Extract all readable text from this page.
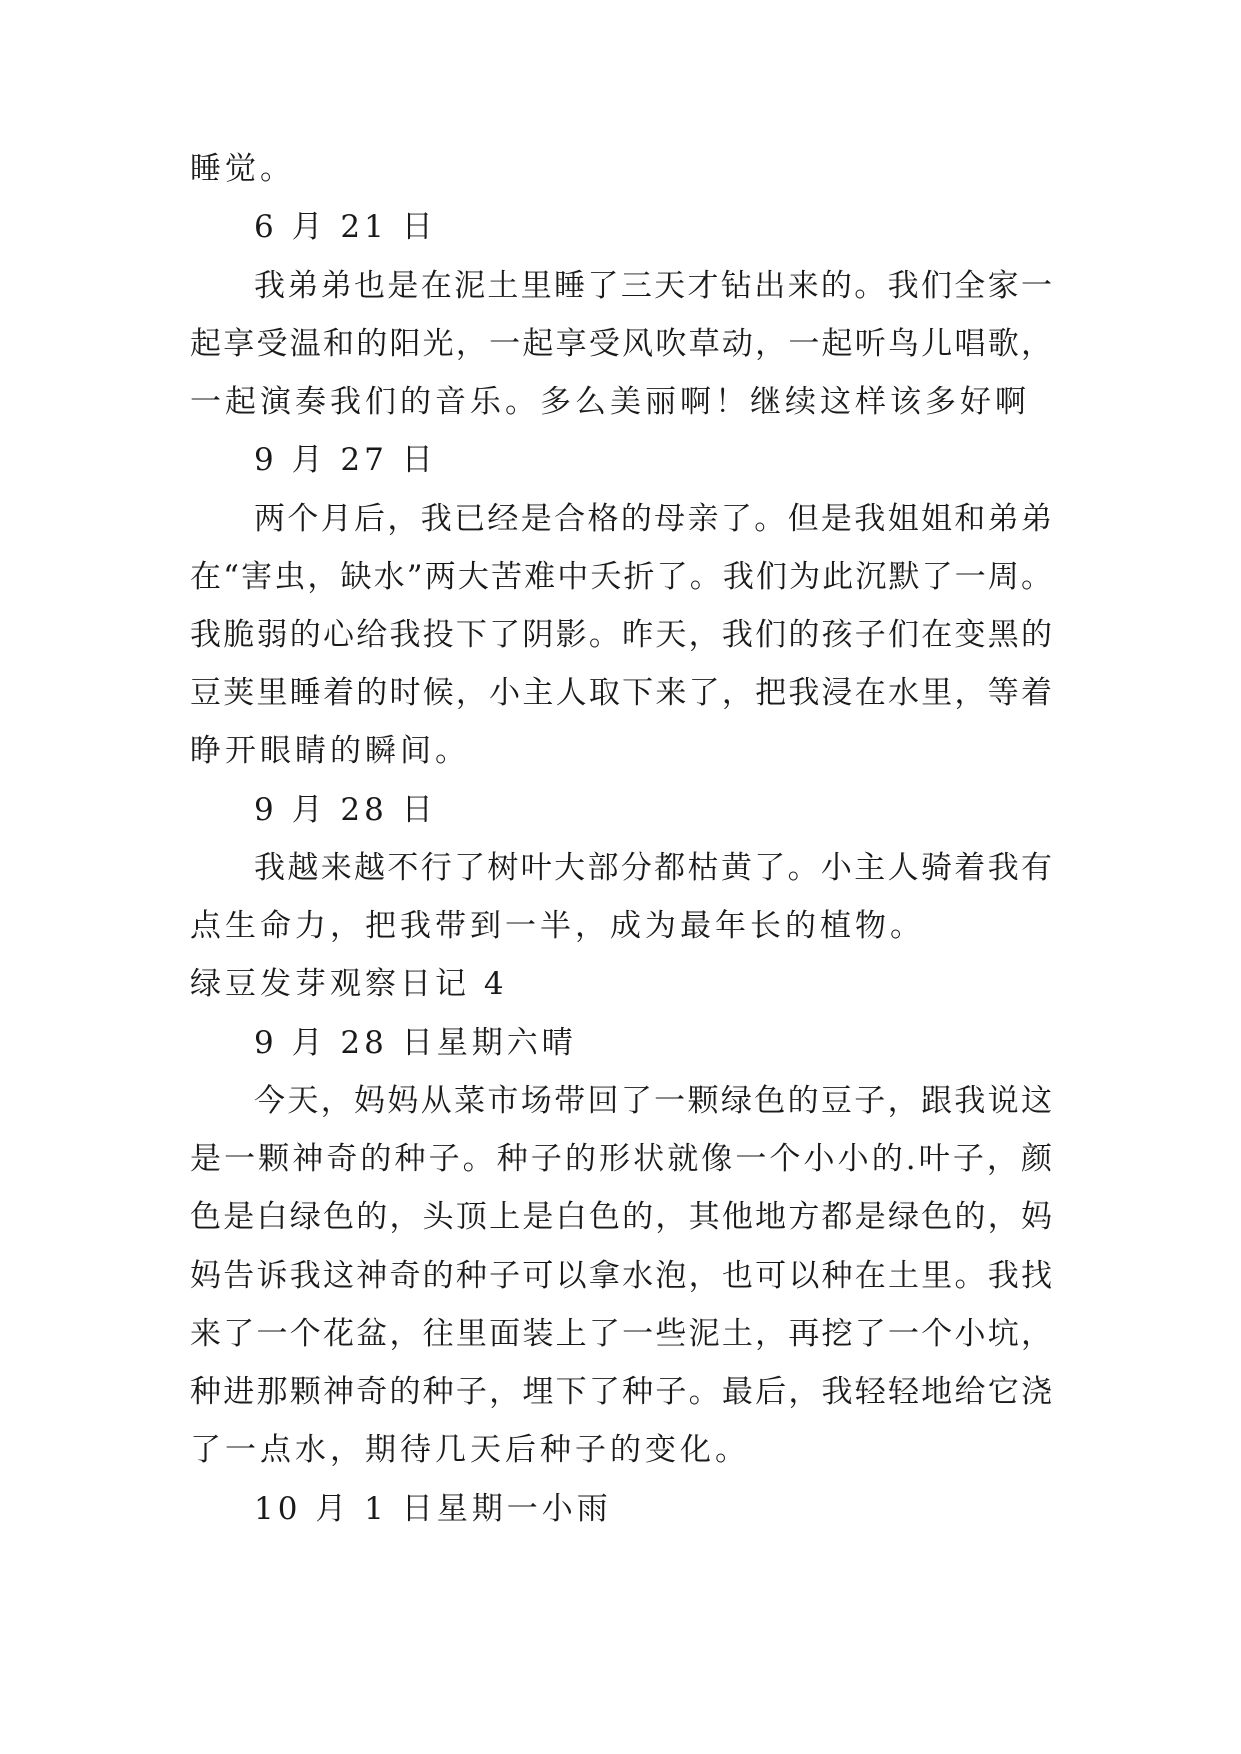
睡觉。
6 月 21 日
我弟弟也是在泥土里睡了三天才钻出来的。我们全家一
起享受温和的阳光，一起享受风吹草动，一起听鸟儿唱歌，
一起演奏我们的音乐。多么美丽啊！继续这样该多好啊
9 月 27 日
两个月后，我已经是合格的母亲了。但是我姐姐和弟弟
在“害虫，缺水”两大苦难中夭折了。我们为此沉默了一周。
我脆弱的心给我投下了阴影。昨天，我们的孩子们在变黑的
豆荚里睡着的时候，小主人取下来了，把我浸在水里，等着
睁开眼睛的瞬间。
9 月 28 日
我越来越不行了树叶大部分都枯黄了。小主人骑着我有
点生命力，把我带到一半，成为最年长的植物。
绿豆发芽观察日记 4
9 月 28 日星期六晴
今天，妈妈从菜市场带回了一颗绿色的豆子，跟我说这
是一颗神奇的种子。种子的形状就像一个小小的.叶子，颜
色是白绿色的，头顶上是白色的，其他地方都是绿色的，妈
妈告诉我这神奇的种子可以拿水泡，也可以种在土里。我找
来了一个花盆，往里面装上了一些泥土，再挖了一个小坑，
种进那颗神奇的种子，埋下了种子。最后，我轻轻地给它浇
了一点水，期待几天后种子的变化。
10 月 1 日星期一小雨
